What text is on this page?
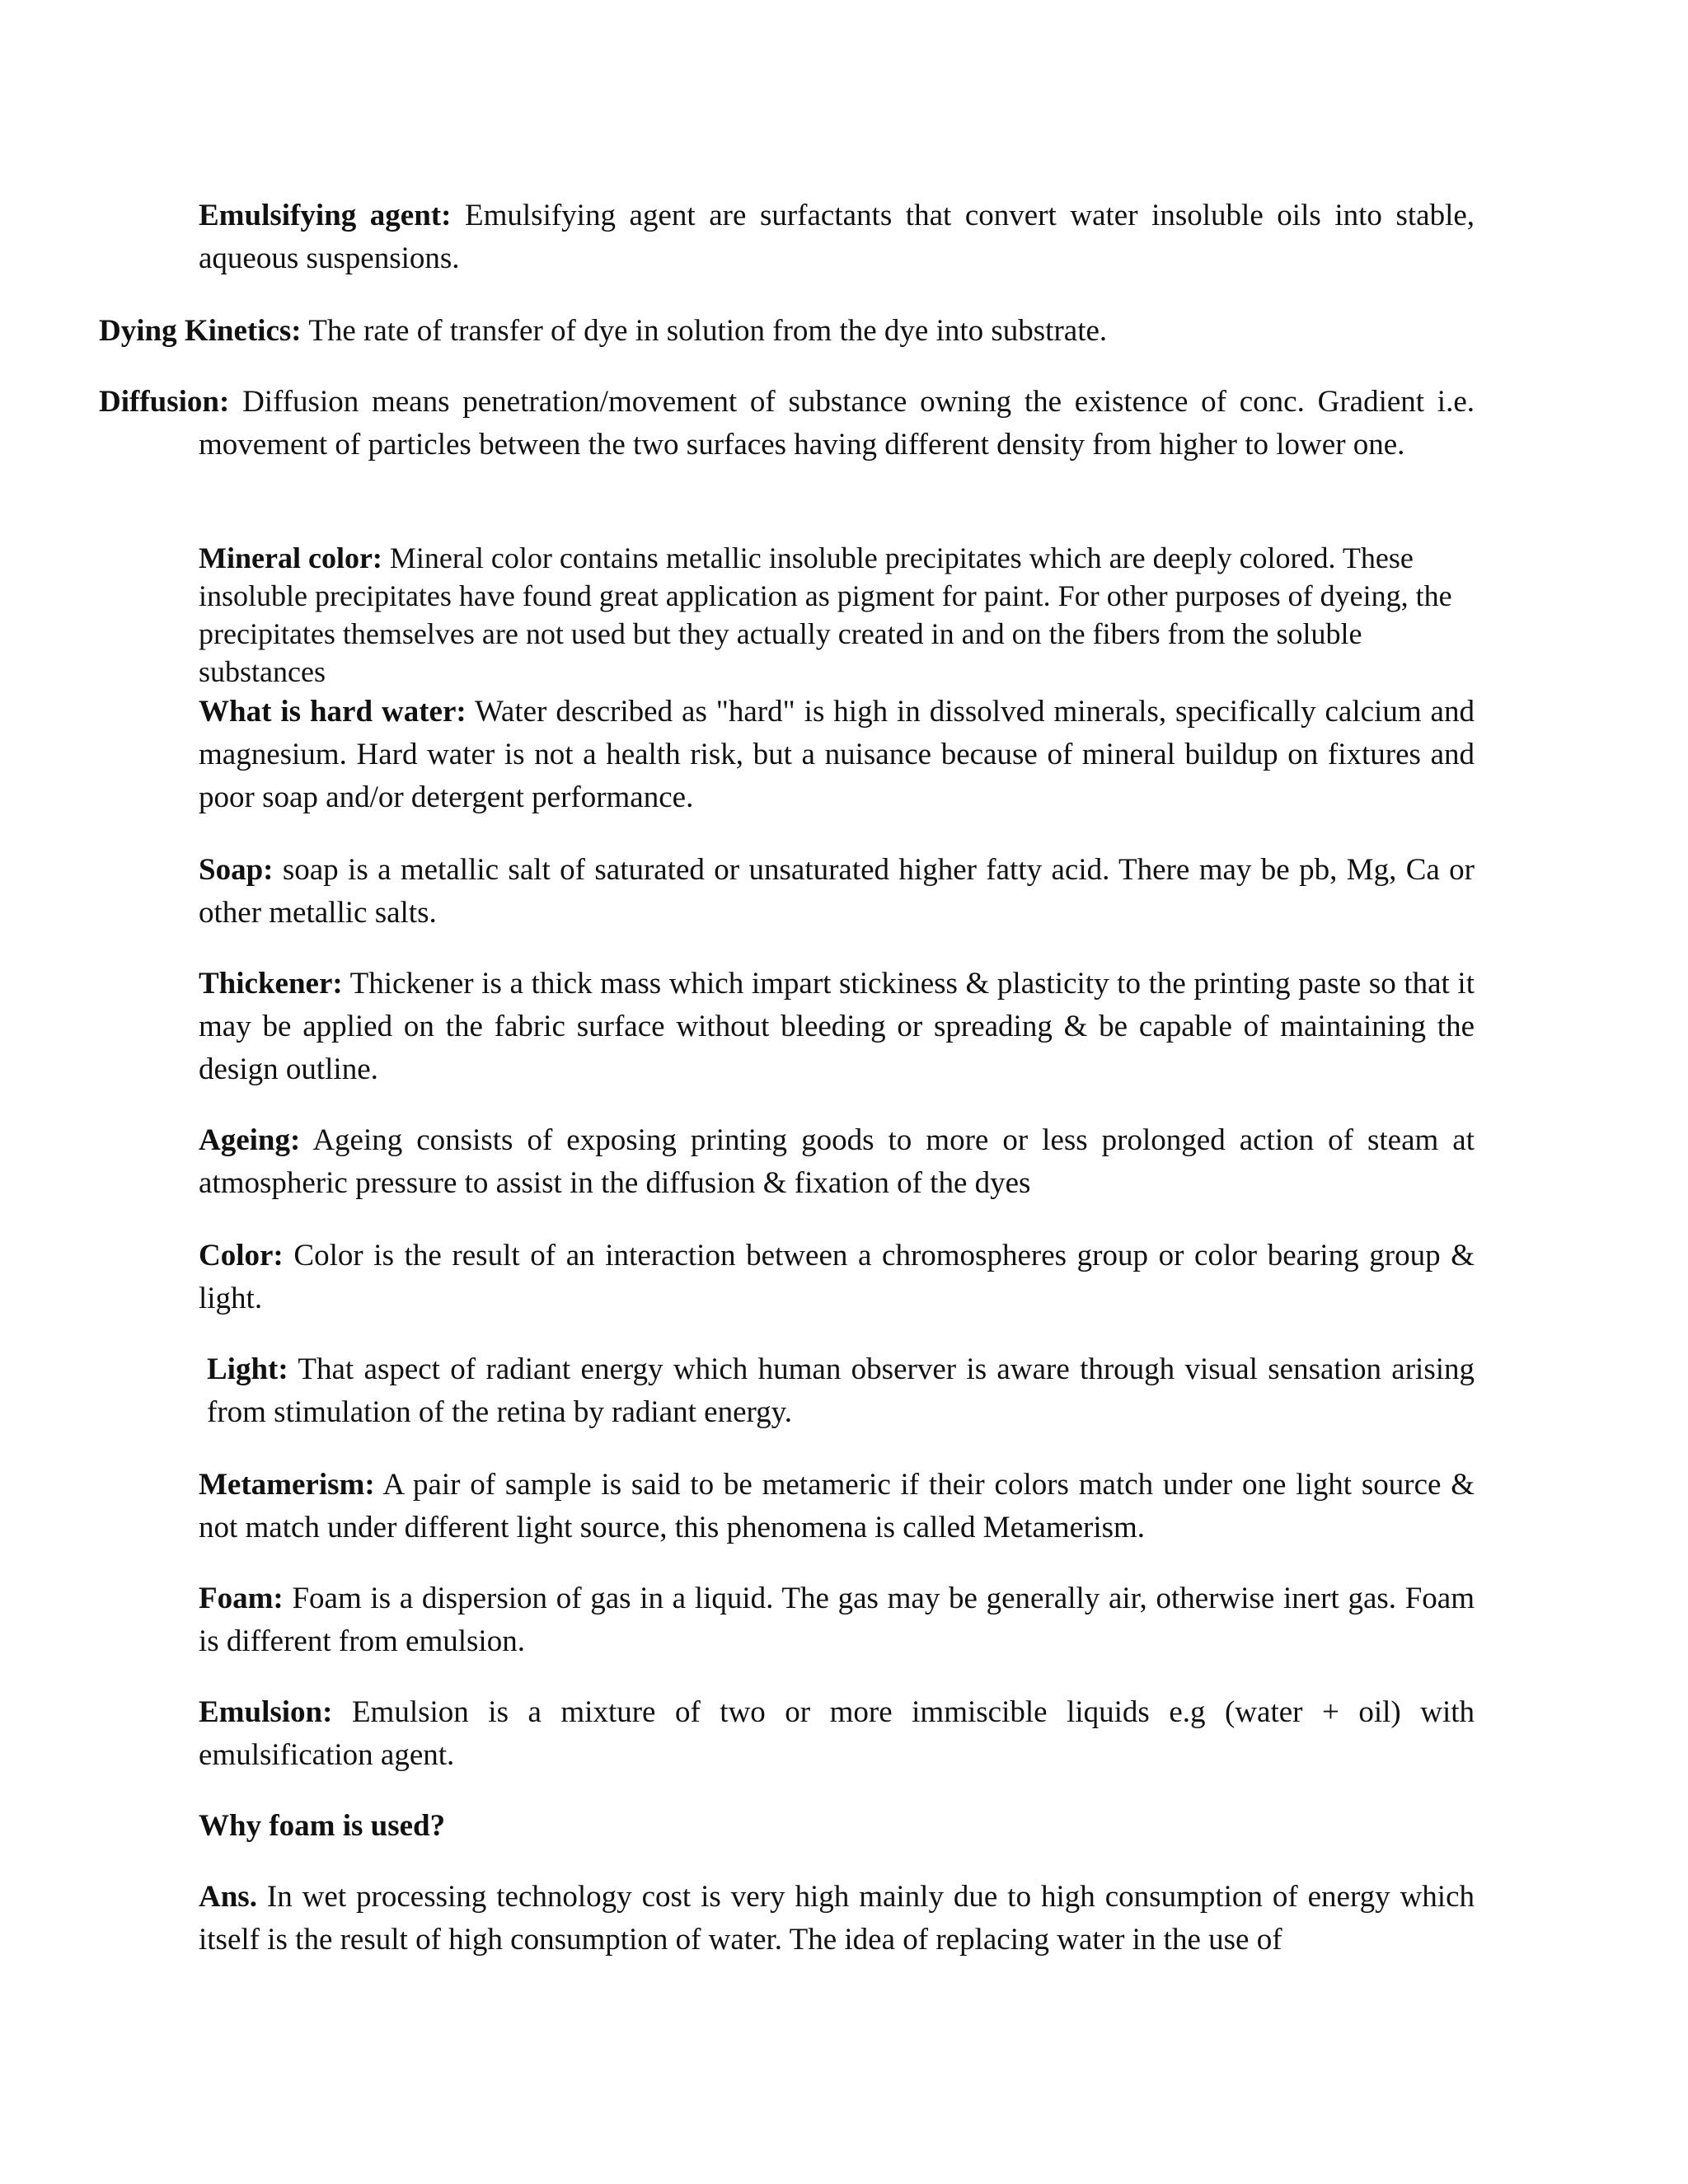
Emulsifying agent: Emulsifying agent are surfactants that convert water insoluble oils into stable, aqueous suspensions.

Dying Kinetics: The rate of transfer of dye in solution from the dye into substrate.

Diffusion: Diffusion means penetration/movement of substance owning the existence of conc. Gradient i.e. movement of particles between the two surfaces having different density from higher to lower one.

Mineral color: Mineral color contains metallic insoluble precipitates which are deeply colored. These insoluble precipitates have found great application as pigment for paint. For other purposes of dyeing, the precipitates themselves are not used but they actually created in and on the fibers from the soluble substances

What is hard water: Water described as "hard" is high in dissolved minerals, specifically calcium and magnesium. Hard water is not a health risk, but a nuisance because of mineral buildup on fixtures and poor soap and/or detergent performance.

Soap: soap is a metallic salt of saturated or unsaturated higher fatty acid. There may be pb, Mg, Ca or other metallic salts.

Thickener: Thickener is a thick mass which impart stickiness & plasticity to the printing paste so that it may be applied on the fabric surface without bleeding or spreading & be capable of maintaining the design outline.

Ageing: Ageing consists of exposing printing goods to more or less prolonged action of steam at atmospheric pressure to assist in the diffusion & fixation of the dyes

Color: Color is the result of an interaction between a chromospheres group or color bearing group & light.

Light: That aspect of radiant energy which human observer is aware through visual sensation arising from stimulation of the retina by radiant energy.

Metamerism: A pair of sample is said to be metameric if their colors match under one light source & not match under different light source, this phenomena is called Metamerism.

Foam: Foam is a dispersion of gas in a liquid. The gas may be generally air, otherwise inert gas. Foam is different from emulsion.

Emulsion: Emulsion is a mixture of two or more immiscible liquids e.g (water + oil) with emulsification agent.

Why foam is used?

Ans. In wet processing technology cost is very high mainly due to high consumption of energy which itself is the result of high consumption of water. The idea of replacing water in the use of
